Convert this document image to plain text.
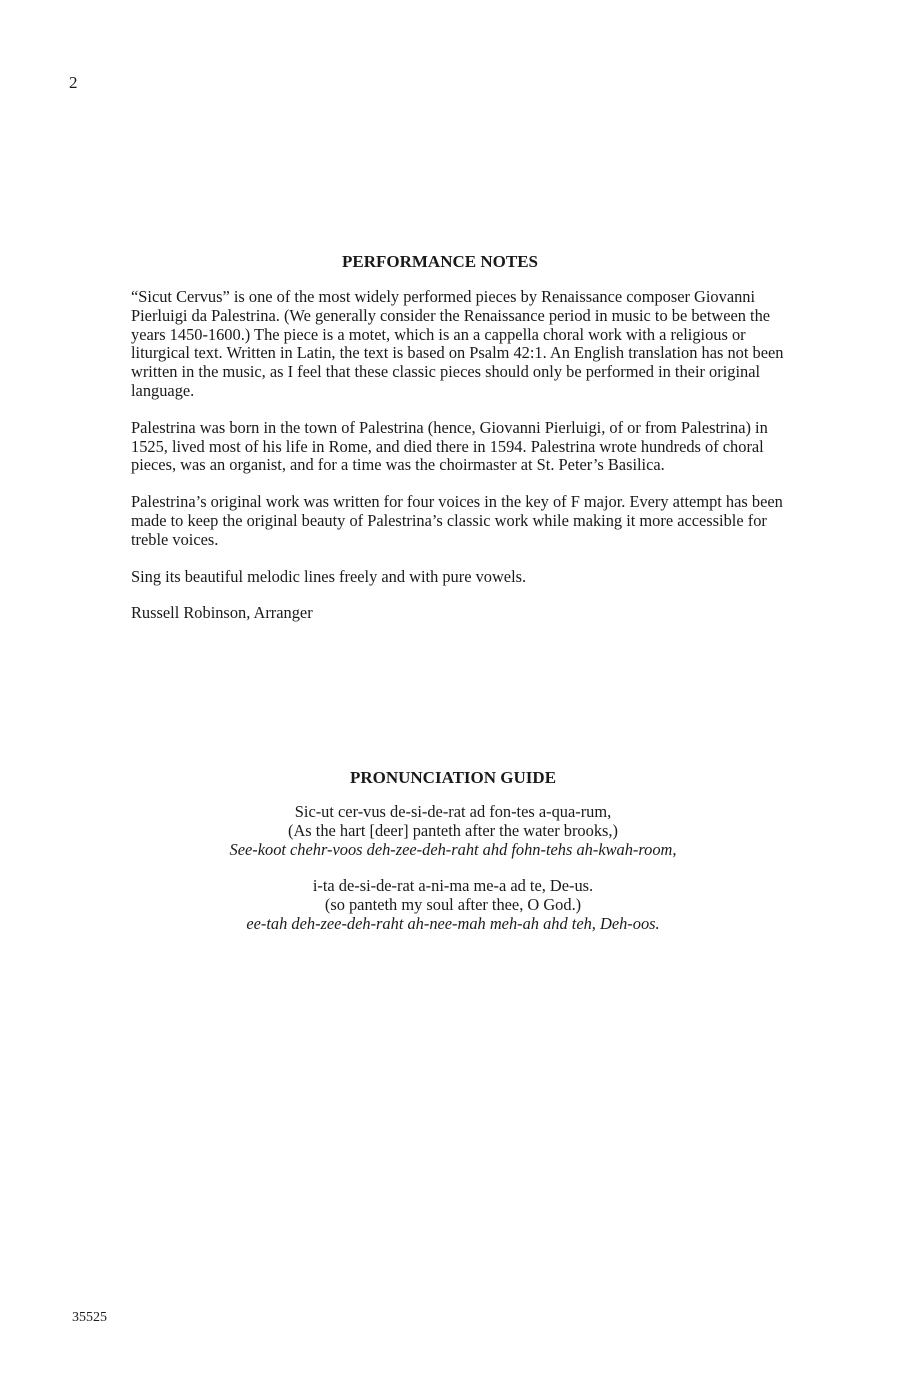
2
PERFORMANCE NOTES

“Sicut Cervus” is one of the most widely performed pieces by Renaissance composer Giovanni Pierluigi da Palestrina. (We generally consider the Renaissance period in music to be between the years 1450-1600.) The piece is a motet, which is an a cappella choral work with a religious or liturgical text. Written in Latin, the text is based on Psalm 42:1. An English translation has not been written in the music, as I feel that these classic pieces should only be performed in their original language.

Palestrina was born in the town of Palestrina (hence, Giovanni Pierluigi, of or from Palestrina) in 1525, lived most of his life in Rome, and died there in 1594. Palestrina wrote hundreds of choral pieces, was an organist, and for a time was the choirmaster at St. Peter’s Basilica.

Palestrina’s original work was written for four voices in the key of F major. Every attempt has been made to keep the original beauty of Palestrina’s classic work while making it more accessible for treble voices.

Sing its beautiful melodic lines freely and with pure vowels.

Russell Robinson, Arranger

PRONUNCIATION GUIDE
Sic-ut cer-vus de-si-de-rat ad fon-tes a-qua-rum,
(As the hart [deer] panteth after the water brooks,)
See-koot chehr-voos deh-zee-deh-raht ahd fohn-tehs ah-kwah-room,
i-ta de-si-de-rat a-ni-ma me-a ad te, De-us.
(so panteth my soul after thee, O God.)
ee-tah deh-zee-deh-raht ah-nee-mah meh-ah ahd teh, Deh-oos.
35525
